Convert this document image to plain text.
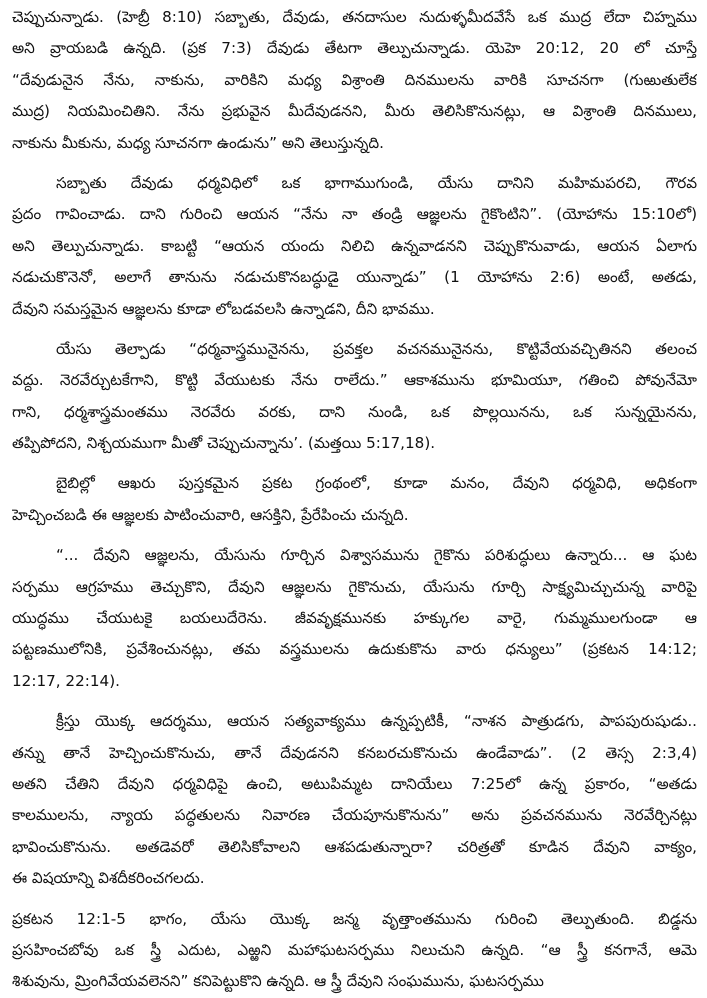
చెప్పుచున్నాడు. (హెబ్రీ 8:10) సబ్బాతు, దేవుడు, తనదాసుల నుదుళ్ళమీదవేసే ఒక ముద్ర లేదా చిహ్నము
అని వ్రాయబడి ఉన్నది. (ప్రక 7:3) దేవుడు తేటగా తెల్పుచున్నాడు. యెహె 20:12, 20 లో చూస్తే
“దేవుడునైన నేను, నాకును, వారికిని మధ్య విశ్రాంతి దినములను వారికి సూచనగా (గుఱుతులేక
ముద్ర) నియమించితిని. నేను ప్రభువైన మీదేవుడనని, మీరు తెలిసికొనునట్లు, ఆ విశ్రాంతి దినములు,
నాకును మీకును, మధ్య సూచనగా ఉండును” అని తెలుస్తున్నది.
సబ్బాతు దేవుడు ధర్మవిధిలో ఒక భాగాముగుండి, యేసు దానిని మహిమపరచి, గౌరవ
ప్రదం గావించాడు. దాని గురించి ఆయన “నేను నా తండ్రి ఆజ్ఞలను గైకొంటిని”. (యోహాను 15:10లో)
అని తెల్పుచున్నాడు. కాబట్టి “ఆయన యందు నిలిచి ఉన్నవాడనని చెప్పుకొనువాడు, ఆయన ఏలాగు
నడుచుకొనెనో, అలాగే తానును నడుచుకొనబద్ధుడై యున్నాడు” (1 యోహాను 2:6) అంటే, అతడు,
దేవుని సమస్తమైన ఆజ్ఞలను కూడా లోబడవలసి ఉన్నాడని, దీని భావము.
యేసు తెల్పాడు “ధర్మవాస్త్రమునైనను, ప్రవక్తల వచనమునైనను, కొట్టివేయవచ్చితినని తలంచ
వద్దు. నెరవేర్చుటకేగాని, కొట్టి వేయుటకు నేను రాలేదు.” ఆకాశమును భూమియూ, గతించి పోవునేమో
గాని, ధర్మశాస్త్రమంతము నెరవేరు వరకు, దాని నుండి, ఒక పొల్లయినను, ఒక సున్నయైనను,
తప్పిపోదని, నిశ్చయముగా మీతో చెప్పుచున్నాను’. (మత్తయి 5:17,18).
బైబిల్లో ఆఖరు పుస్తకమైన ప్రకట గ్రంథంలో, కూడా మనం, దేవుని ధర్మవిధి, అధికంగా
హెచ్చించబడి ఈ ఆజ్ఞలకు పాటించువారి, ఆసక్తిని, ప్రేరేపించు చున్నది.
“... దేవుని ఆజ్ఞలను, యేసును గూర్చిన విశ్వాసమును గైకొను పరిశుద్ధులు ఉన్నారు... ఆ ఘట
సర్పము ఆగ్రహము తెచ్చుకొని, దేవుని ఆజ్ఞలను గైకొనుచు, యేసును గూర్చి సాక్ష్యమిచ్చుచున్న వారిపై
యుద్ధము చేయుటకై బయలుదేరెను. జీవవృక్షమునకు హక్కుగల వారై, గుమ్మములగుండా ఆ
పట్టణములోనికి, ప్రవేశించునట్లు, తమ వస్త్రములను ఉదుకుకొను వారు ధన్యులు” (ప్రకటన 14:12;
12:17, 22:14).
క్రీస్తు యొక్క ఆదర్శము, ఆయన సత్యవాక్యము ఉన్నప్పటికీ, “నాశన పాత్రుడగు, పాపపురుషుడు..
తన్ను తానే హెచ్చించుకొనుచు, తానే దేవుడనని కనబరచుకొనుచు ఉండేవాడు”. (2 తెస్స 2:3,4)
అతని చేతిని దేవుని ధర్మవిధిపై ఉంచి, అటుపిమ్మట దానియేలు 7:25లో ఉన్న ప్రకారం, “అతడు
కాలములను, న్యాయ పద్ధతులను నివారణ చేయపూనుకొనును” అను ప్రవచనమును నెరవేర్చినట్లు
భావించుకొనును. అతడెవరో తెలిసికోవాలని ఆశపడుతున్నారా? చరిత్రతో కూడిన దేవుని వాక్యం,
ఈ విషయాన్ని విశదీకరించగలదు.
ప్రకటన 12:1-5 భాగం, యేసు యొక్క జన్మ వృత్తాంతమును గురించి తెల్పుతుంది. బిడ్డను
ప్రసహించబోవు ఒక స్త్రీ ఎదుట, ఎఱ్ఱని మహాఘటసర్పము నిలుచుని ఉన్నది. “ఆ స్త్రీ కనగానే, ఆమె
శిశువును, మ్రింగివేయవలెనని” కనిపెట్టుకొని ఉన్నది. ఆ స్త్రీ దేవుని సంఘమును, ఘటసర్పము
